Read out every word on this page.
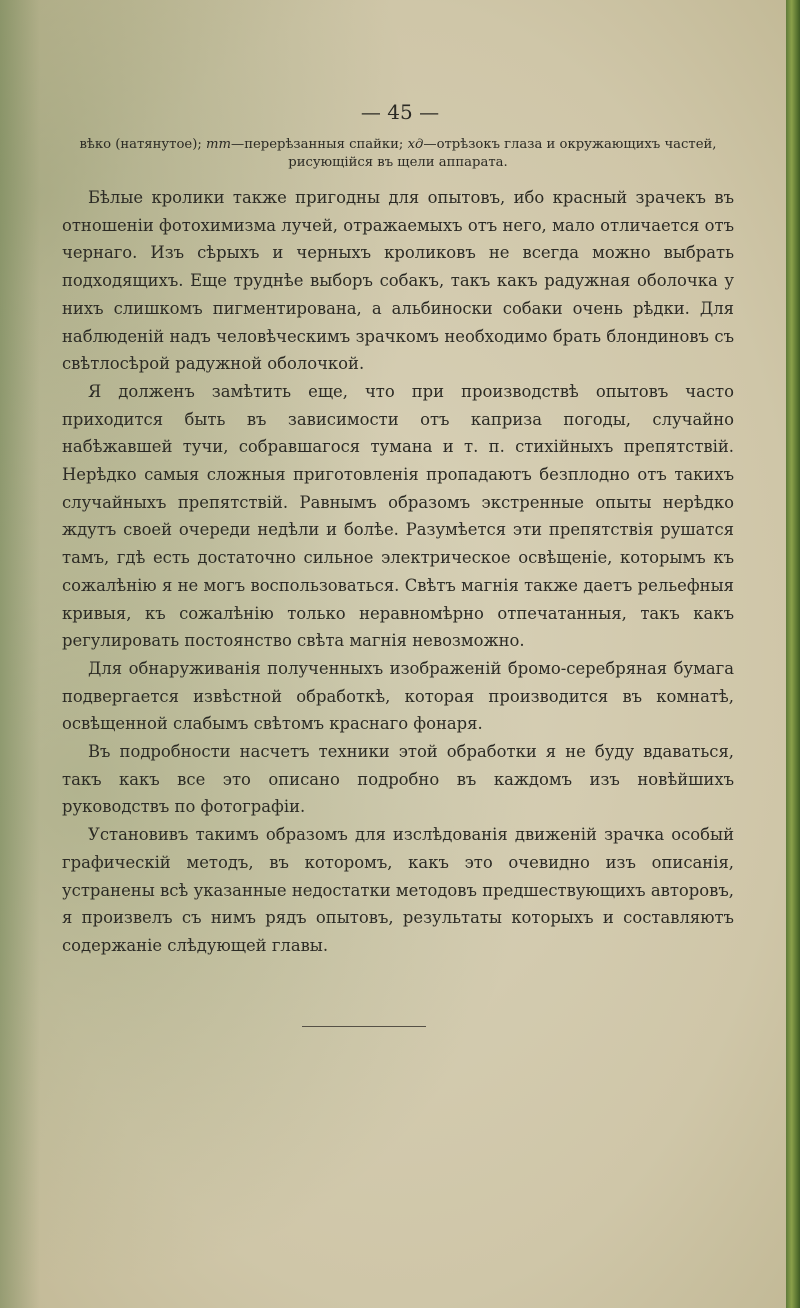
— 45 —
вѣко (натянутое); тт—перерѣзанныя спайки; хд—отрѣзокъ глаза и окружающихъ частей, рисующійся въ щели аппарата.

Бѣлые кролики также пригодны для опытовъ, ибо красный зрачекъ въ отношеніи фотохимизма лучей, отражаемыхъ отъ него, мало отличается отъ чернаго. Изъ сѣрыхъ и черныхъ кроликовъ не всегда можно выбрать подходящихъ. Еще труднѣе выборъ собакъ, такъ какъ радужная оболочка у нихъ слишкомъ пигментирована, а альбиноски собаки очень рѣдки. Для наблюденій надъ человѣческимъ зрачкомъ необходимо брать блондиновъ съ свѣтлосѣрой радужной оболочкой.

Я долженъ замѣтить еще, что при производствѣ опытовъ часто приходится быть въ зависимости отъ каприза погоды, случайно набѣжавшей тучи, собравшагося тумана и т. п. стихійныхъ препятствій. Нерѣдко самыя сложныя приготовленія пропадаютъ безплодно отъ такихъ случайныхъ препятствій. Равнымъ образомъ экстренные опыты нерѣдко ждутъ своей очереди недѣли и болѣе. Разумѣется эти препятствія рушатся тамъ, гдѣ есть достаточно сильное электрическое освѣщеніе, которымъ къ сожалѣнію я не могъ воспользоваться. Свѣтъ магнія также даетъ рельефныя кривыя, къ сожалѣнію только неравномѣрно отпечатанныя, такъ какъ регулировать постоянство свѣта магнія невозможно.

Для обнаруживанія полученныхъ изображеній бромо-серебряная бумага подвергается извѣстной обработкѣ, которая производится въ комнатѣ, освѣщенной слабымъ свѣтомъ краснаго фонаря.

Въ подробности насчетъ техники этой обработки я не буду вдаваться, такъ какъ все это описано подробно въ каждомъ изъ новѣйшихъ руководствъ по фотографіи.

Установивъ такимъ образомъ для изслѣдованія движеній зрачка особый графическій методъ, въ которомъ, какъ это очевидно изъ описанія, устранены всѣ указанные недостатки методовъ предшествующихъ авторовъ, я произвелъ съ нимъ рядъ опытовъ, результаты которыхъ и составляютъ содержаніе слѣдующей главы.
